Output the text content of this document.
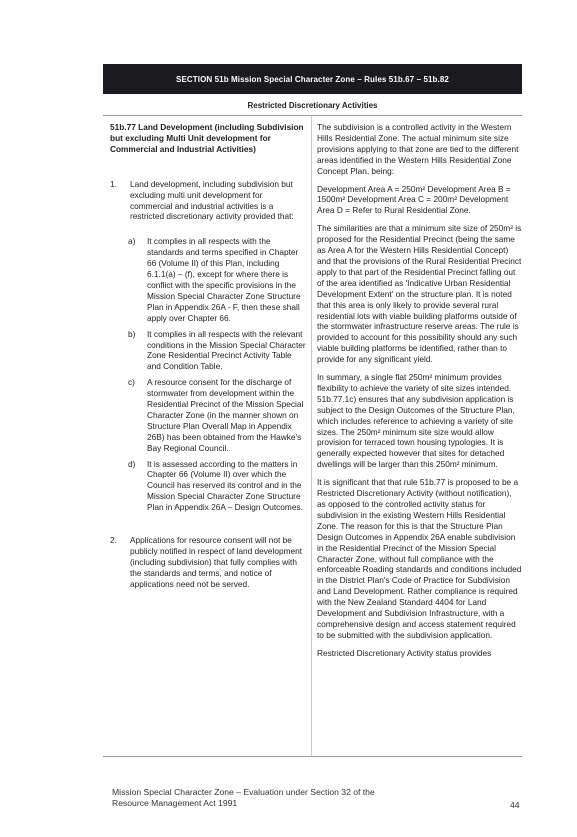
SECTION 51b Mission Special Character Zone – Rules 51b.67 – 51b.82
Restricted Discretionary Activities

51b.77 Land Development (including Subdivision but excluding Multi Unit development for Commercial and Industrial Activities)

1.	Land development, including subdivision but excluding multi unit development for commercial and industrial activities is a restricted discretionary activity provided that:
a)	It complies in all respects with the standards and terms specified in Chapter 66 (Volume II) of this Plan, including 6.1.1(a) – (f), except for where there is conflict with the specific provisions in the Mission Special Character Zone Structure Plan in Appendix 26A - F, then these shall apply over Chapter 66.
b)	It complies in all respects with the relevant conditions in the Mission Special Character Zone Residential Precinct Activity Table and Condition Table.
c)	A resource consent for the discharge of stormwater from development within the Residential Precinct of the Mission Special Character Zone (in the manner shown on Structure Plan Overall Map in Appendix 26B) has been obtained from the Hawke's Bay Regional Council.
d)	It is assessed according to the matters in Chapter 66 (Volume II) over which the Council has reserved its control and in the Mission Special Character Zone Structure Plan in Appendix 26A – Design Outcomes.
2.	Applications for resource consent will not be publicly notified in respect of land development (including subdivision) that fully complies with the standards and terms, and notice of applications need not be served.

The subdivision is a controlled activity in the Western Hills Residential Zone. The actual minimum site size provisions applying to that zone are tied to the different areas identified in the Western Hills Residential Zone Concept Plan, being:

Development Area A = 250m² Development Area B = 1500m² Development Area C = 200m² Development Area D = Refer to Rural Residential Zone.

The similarities are that a minimum site size of 250m² is proposed for the Residential Precinct (being the same as Area A for the Western Hills Residential Concept) and that the provisions of the Rural Residential Precinct apply to that part of the Residential Precinct falling out of the area identified as 'Indicative Urban Residential Development Extent' on the structure plan. It is noted that this area is only likely to provide several rural residential lots with viable building platforms outside of the stormwater infrastructure reserve areas. The rule is provided to account for this possibility should any such viable building platforms be identified, rather than to provide for any significant yield.

In summary, a single flat 250m² minimum provides flexibility to achieve the variety of site sizes intended. 51b.77.1c) ensures that any subdivision application is subject to the Design Outcomes of the Structure Plan, which includes reference to achieving a variety of site sizes. The 250m² minimum site size would allow provision for terraced town housing typologies. It is generally expected however that sites for detached dwellings will be larger than this 250m² minimum.

It is significant that that rule 51b.77 is proposed to be a Restricted Discretionary Activity (without notification), as opposed to the controlled activity status for subdivision in the existing Western Hills Residential Zone. The reason for this is that the Structure Plan Design Outcomes in Appendix 26A enable subdivision in the Residential Precinct of the Mission Special Character Zone, without full compliance with the enforceable Roading standards and conditions included in the District Plan's Code of Practice for Subdivision and Land Development. Rather compliance is required with the New Zealand Standard 4404 for Land Development and Subdivision Infrastructure, with a comprehensive design and access statement required to be submitted with the subdivision application.

Restricted Discretionary Activity status provides

Mission Special Character Zone – Evaluation under Section 32 of the Resource Management Act 1991	44
